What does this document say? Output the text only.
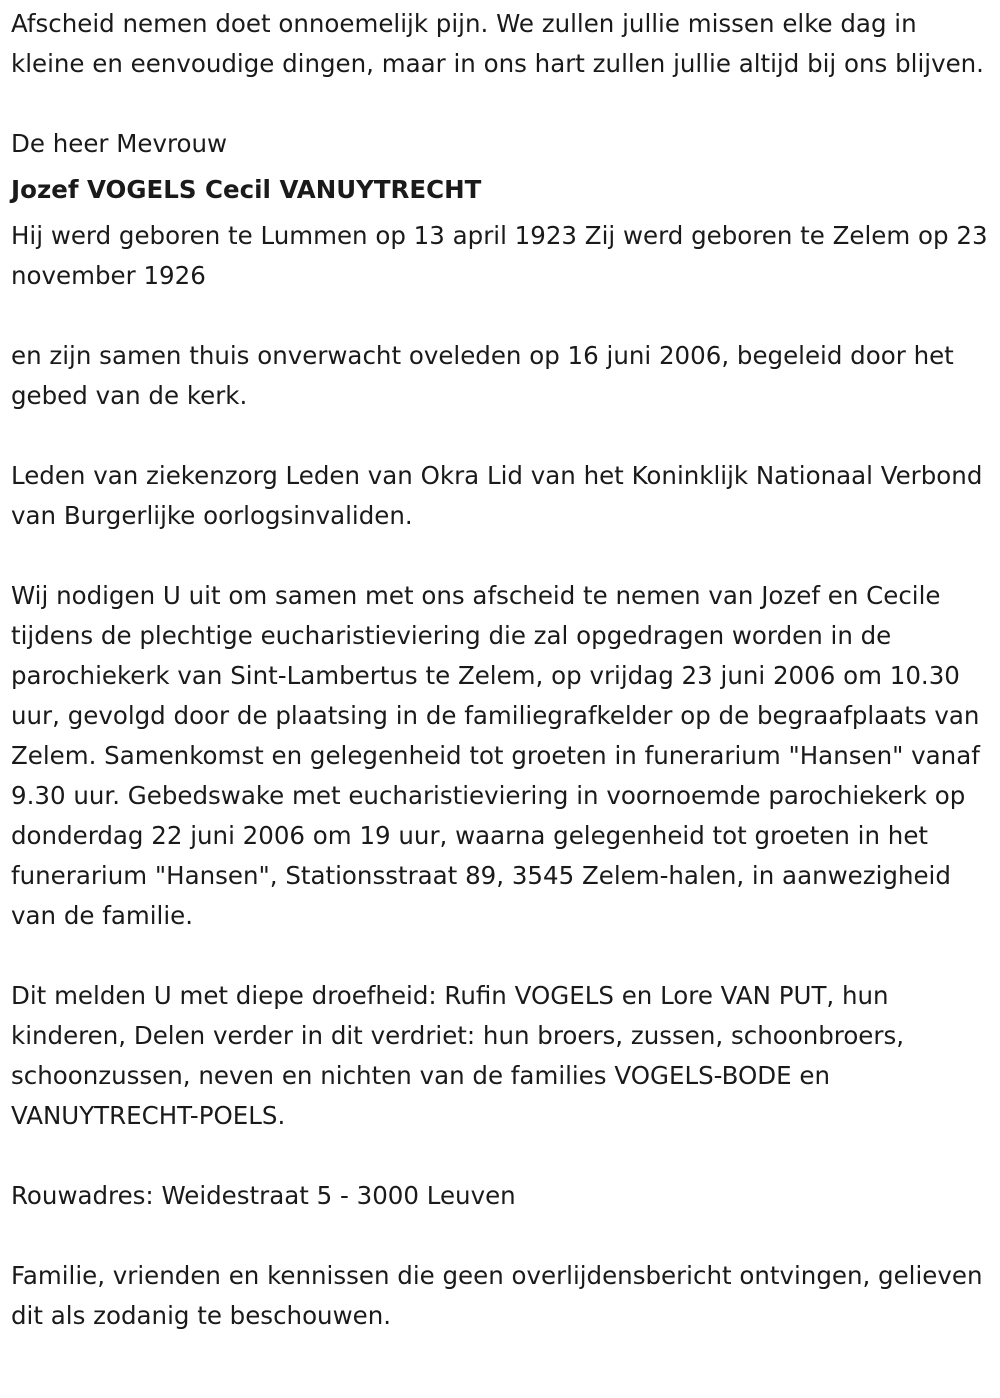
Afscheid nemen doet onnoemelijk pijn. We zullen jullie missen elke dag in kleine en eenvoudige dingen, maar in ons hart zullen jullie altijd bij ons blijven.

De heer Mevrouw

Jozef VOGELS Cecil VANUYTRECHT

Hij werd geboren te Lummen op 13 april 1923 Zij werd geboren te Zelem op 23 november 1926

en zijn samen thuis onverwacht oveleden op 16 juni 2006, begeleid door het gebed van de kerk.

Leden van ziekenzorg Leden van Okra Lid van het Koninklijk Nationaal Verbond van Burgerlijke oorlogsinvaliden.

Wij nodigen U uit om samen met ons afscheid te nemen van Jozef en Cecile tijdens de plechtige eucharistieviering die zal opgedragen worden in de parochiekerk van Sint-Lambertus te Zelem, op vrijdag 23 juni 2006 om 10.30 uur, gevolgd door de plaatsing in de familiegrafkelder op de begraafplaats van Zelem. Samenkomst en gelegenheid tot groeten in funerarium "Hansen" vanaf 9.30 uur. Gebedswake met eucharistieviering in voornoemde parochiekerk op donderdag 22 juni 2006 om 19 uur, waarna gelegenheid tot groeten in het funerarium "Hansen", Stationsstraat 89, 3545 Zelem-halen, in aanwezigheid van de familie.

Dit melden U met diepe droefheid: Rufin VOGELS en Lore VAN PUT, hun kinderen, Delen verder in dit verdriet: hun broers, zussen, schoonbroers, schoonzussen, neven en nichten van de families VOGELS-BODE en VANUYTRECHT-POELS.

Rouwadres: Weidestraat 5 - 3000 Leuven

Familie, vrienden en kennissen die geen overlijdensbericht ontvingen, gelieven dit als zodanig te beschouwen.
